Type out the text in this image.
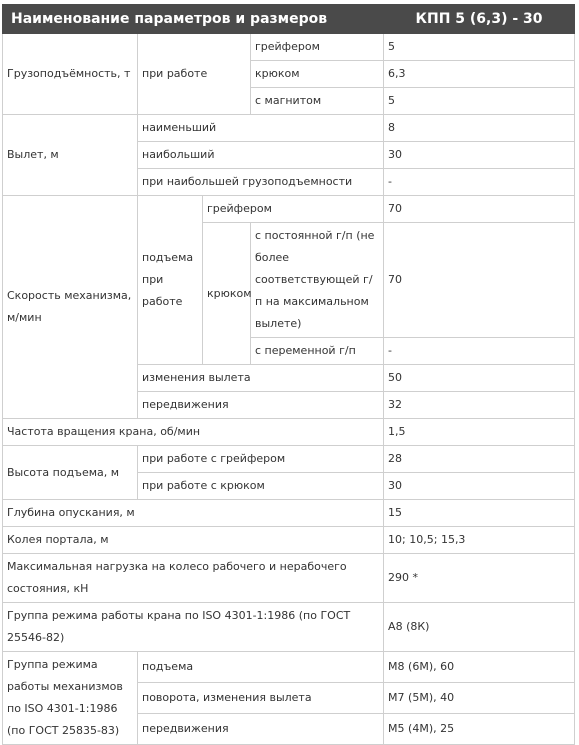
Наименование параметров и размеров				КПП 5 (6,3) - 30
Грузоподъёмность, т	при работе		грейфером	5
			крюком	6,3
			с магнитом	5
Вылет, м	наименьший			8
	наибольший			30
	при наибольшей грузоподъемности			-
Скорость механизма, м/мин	подъема при работе	грейфером		70
		крюком	с постоянной г/п (не более соответствующей г/п на максимальном вылете)	70

			с переменной г/п	-
	изменения вылета			50
	передвижения			32
Частота вращения крана, об/мин				1,5
Высота подъема, м	при работе с грейфером			28
	при работе с крюком			30
Глубина опускания, м				15
Колея портала, м				10; 10,5; 15,3
Максимальная нагрузка на колесо рабочего и нерабочего состояния, кН				290 *
Группа режима работы крана по ISO 4301-1:1986 (по ГОСТ 25546-82)				А8 (8К)
Группа режима работы механизмов по ISO 4301-1:1986 (по ГОСТ 25835-83)	подъема			М8 (6М), 60
	поворота, изменения вылета			М7 (5М), 40
	передвижения			М5 (4М), 25
